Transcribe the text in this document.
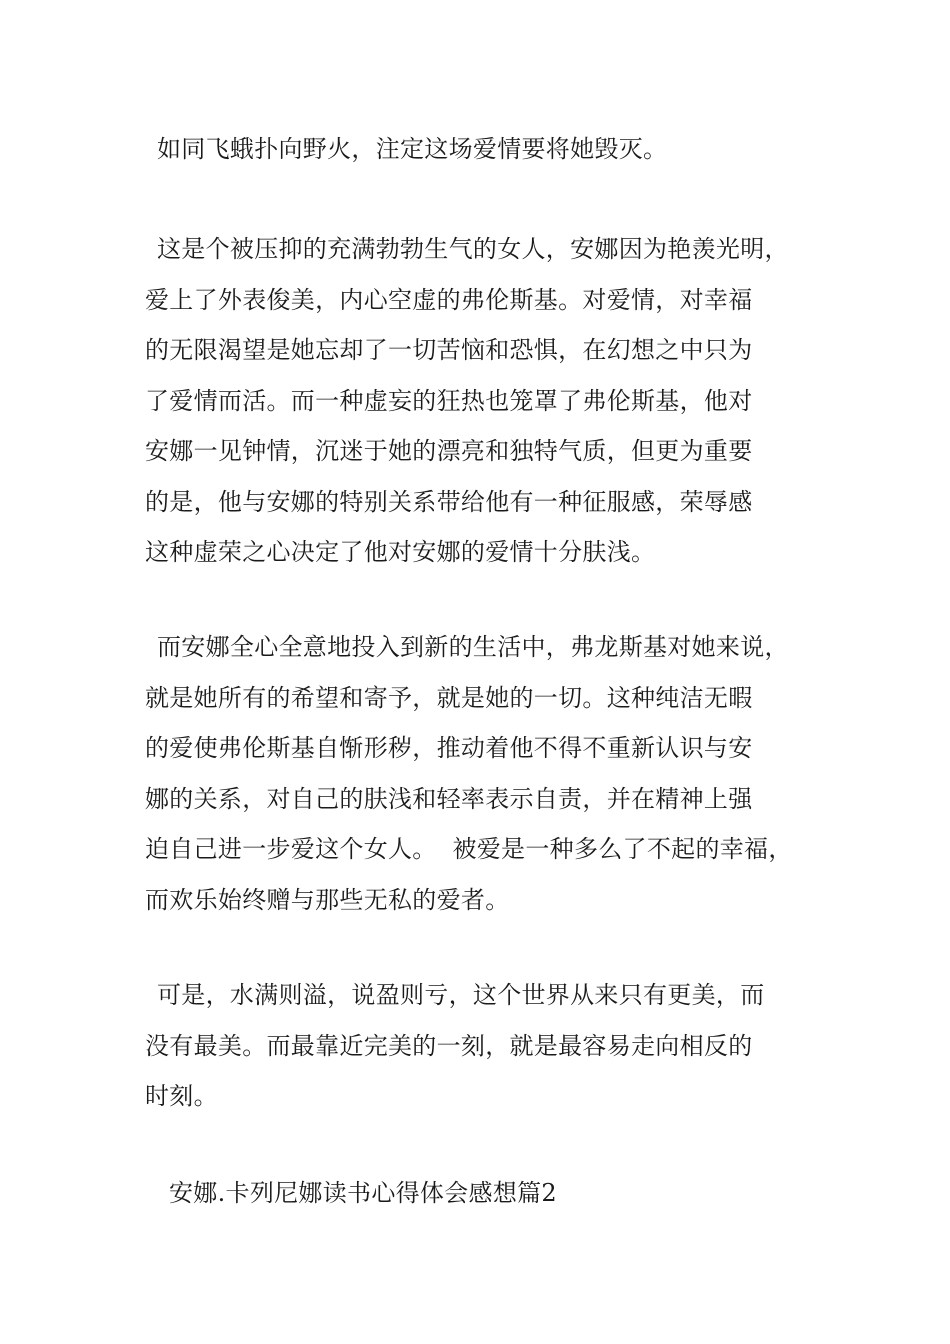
如同飞蛾扑向野火，注定这场爱情要将她毁灭。

这是个被压抑的充满勃勃生气的女人，安娜因为艳羡光明，
爱上了外表俊美，内心空虚的弗伦斯基。对爱情，对幸福
的无限渴望是她忘却了一切苦恼和恐惧，在幻想之中只为
了爱情而活。而一种虚妄的狂热也笼罩了弗伦斯基，他对
安娜一见钟情，沉迷于她的漂亮和独特气质，但更为重要
的是，他与安娜的特别关系带给他有一种征服感，荣辱感
这种虚荣之心决定了他对安娜的爱情十分肤浅。

而安娜全心全意地投入到新的生活中，弗龙斯基对她来说，
就是她所有的希望和寄予，就是她的一切。这种纯洁无暇
的爱使弗伦斯基自惭形秽，推动着他不得不重新认识与安
娜的关系，对自己的肤浅和轻率表示自责，并在精神上强
迫自己进一步爱这个女人。  被爱是一种多么了不起的幸福，
而欢乐始终赠与那些无私的爱者。

可是，水满则溢，说盈则亏，这个世界从来只有更美，而
没有最美。而最靠近完美的一刻，就是最容易走向相反的
时刻。

安娜.卡列尼娜读书心得体会感想篇2
